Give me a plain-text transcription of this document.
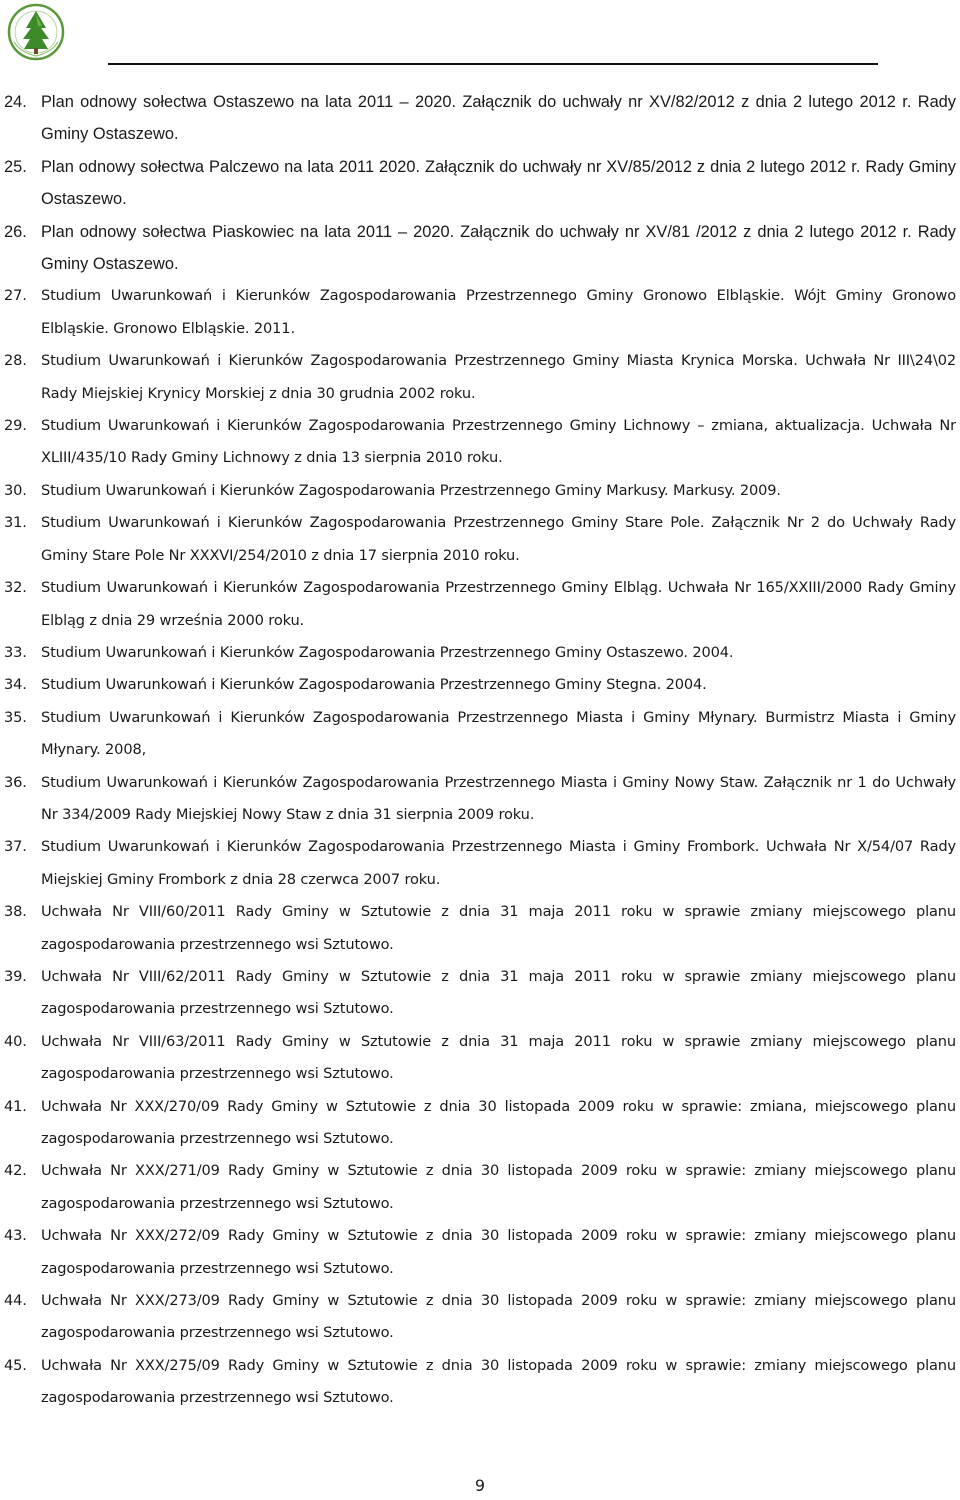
24. Plan odnowy sołectwa Ostaszewo na lata 2011 – 2020. Załącznik do uchwały nr XV/82/2012 z dnia 2 lutego 2012 r. Rady Gminy Ostaszewo.
25. Plan odnowy sołectwa Palczewo na lata 2011 2020. Załącznik do uchwały nr XV/85/2012 z dnia 2 lutego 2012 r. Rady Gminy Ostaszewo.
26. Plan odnowy sołectwa Piaskowiec na lata 2011 – 2020. Załącznik do uchwały nr XV/81 /2012 z dnia 2 lutego 2012 r. Rady Gminy Ostaszewo.
27. Studium Uwarunkowań i Kierunków Zagospodarowania Przestrzennego Gminy Gronowo Elbląskie. Wójt Gminy Gronowo Elbląskie. Gronowo Elbląskie. 2011.
28. Studium Uwarunkowań i Kierunków Zagospodarowania Przestrzennego Gminy Miasta Krynica Morska. Uchwała Nr III\24\02 Rady Miejskiej Krynicy Morskiej z dnia 30 grudnia 2002 roku.
29. Studium Uwarunkowań i Kierunków Zagospodarowania Przestrzennego Gminy Lichnowy – zmiana, aktualizacja. Uchwała Nr XLIII/435/10 Rady Gminy Lichnowy z dnia 13 sierpnia 2010 roku.
30. Studium Uwarunkowań i Kierunków Zagospodarowania Przestrzennego Gminy Markusy. Markusy. 2009.
31. Studium Uwarunkowań i Kierunków Zagospodarowania Przestrzennego Gminy Stare Pole. Załącznik Nr 2 do Uchwały Rady Gminy Stare Pole Nr XXXVI/254/2010 z dnia 17 sierpnia 2010 roku.
32. Studium Uwarunkowań i Kierunków Zagospodarowania Przestrzennego Gminy Elbląg. Uchwała Nr 165/XXIII/2000 Rady Gminy Elbląg z dnia 29 września 2000 roku.
33. Studium Uwarunkowań i Kierunków Zagospodarowania Przestrzennego Gminy Ostaszewo. 2004.
34. Studium Uwarunkowań i Kierunków Zagospodarowania Przestrzennego Gminy Stegna. 2004.
35. Studium Uwarunkowań i Kierunków Zagospodarowania Przestrzennego Miasta i Gminy Młynary. Burmistrz Miasta i Gminy Młynary. 2008,
36. Studium Uwarunkowań i Kierunków Zagospodarowania Przestrzennego Miasta i Gminy Nowy Staw. Załącznik nr 1 do Uchwały Nr 334/2009 Rady Miejskiej Nowy Staw z dnia 31 sierpnia 2009 roku.
37. Studium Uwarunkowań i Kierunków Zagospodarowania Przestrzennego Miasta i Gminy Frombork. Uchwała Nr X/54/07 Rady Miejskiej Gminy Frombork z dnia 28 czerwca 2007 roku.
38. Uchwała Nr VIII/60/2011 Rady Gminy w Sztutowie z dnia 31 maja 2011 roku w sprawie zmiany miejscowego planu zagospodarowania przestrzennego wsi Sztutowo.
39. Uchwała Nr VIII/62/2011 Rady Gminy w Sztutowie z dnia 31 maja 2011 roku w sprawie zmiany miejscowego planu zagospodarowania przestrzennego wsi Sztutowo.
40. Uchwała Nr VIII/63/2011 Rady Gminy w Sztutowie z dnia 31 maja 2011 roku w sprawie zmiany miejscowego planu zagospodarowania przestrzennego wsi Sztutowo.
41. Uchwała Nr XXX/270/09 Rady Gminy w Sztutowie z dnia 30 listopada 2009 roku w sprawie: zmiana, miejscowego planu zagospodarowania przestrzennego wsi Sztutowo.
42. Uchwała Nr XXX/271/09 Rady Gminy w Sztutowie z dnia 30 listopada 2009 roku w sprawie: zmiany miejscowego planu zagospodarowania przestrzennego wsi Sztutowo.
43. Uchwała Nr XXX/272/09 Rady Gminy w Sztutowie z dnia 30 listopada 2009 roku w sprawie: zmiany miejscowego planu zagospodarowania przestrzennego wsi Sztutowo.
44. Uchwała Nr XXX/273/09 Rady Gminy w Sztutowie z dnia 30 listopada 2009 roku w sprawie: zmiany miejscowego planu zagospodarowania przestrzennego wsi Sztutowo.
45. Uchwała Nr XXX/275/09 Rady Gminy w Sztutowie z dnia 30 listopada 2009 roku w sprawie: zmiany miejscowego planu zagospodarowania przestrzennego wsi Sztutowo.
9
